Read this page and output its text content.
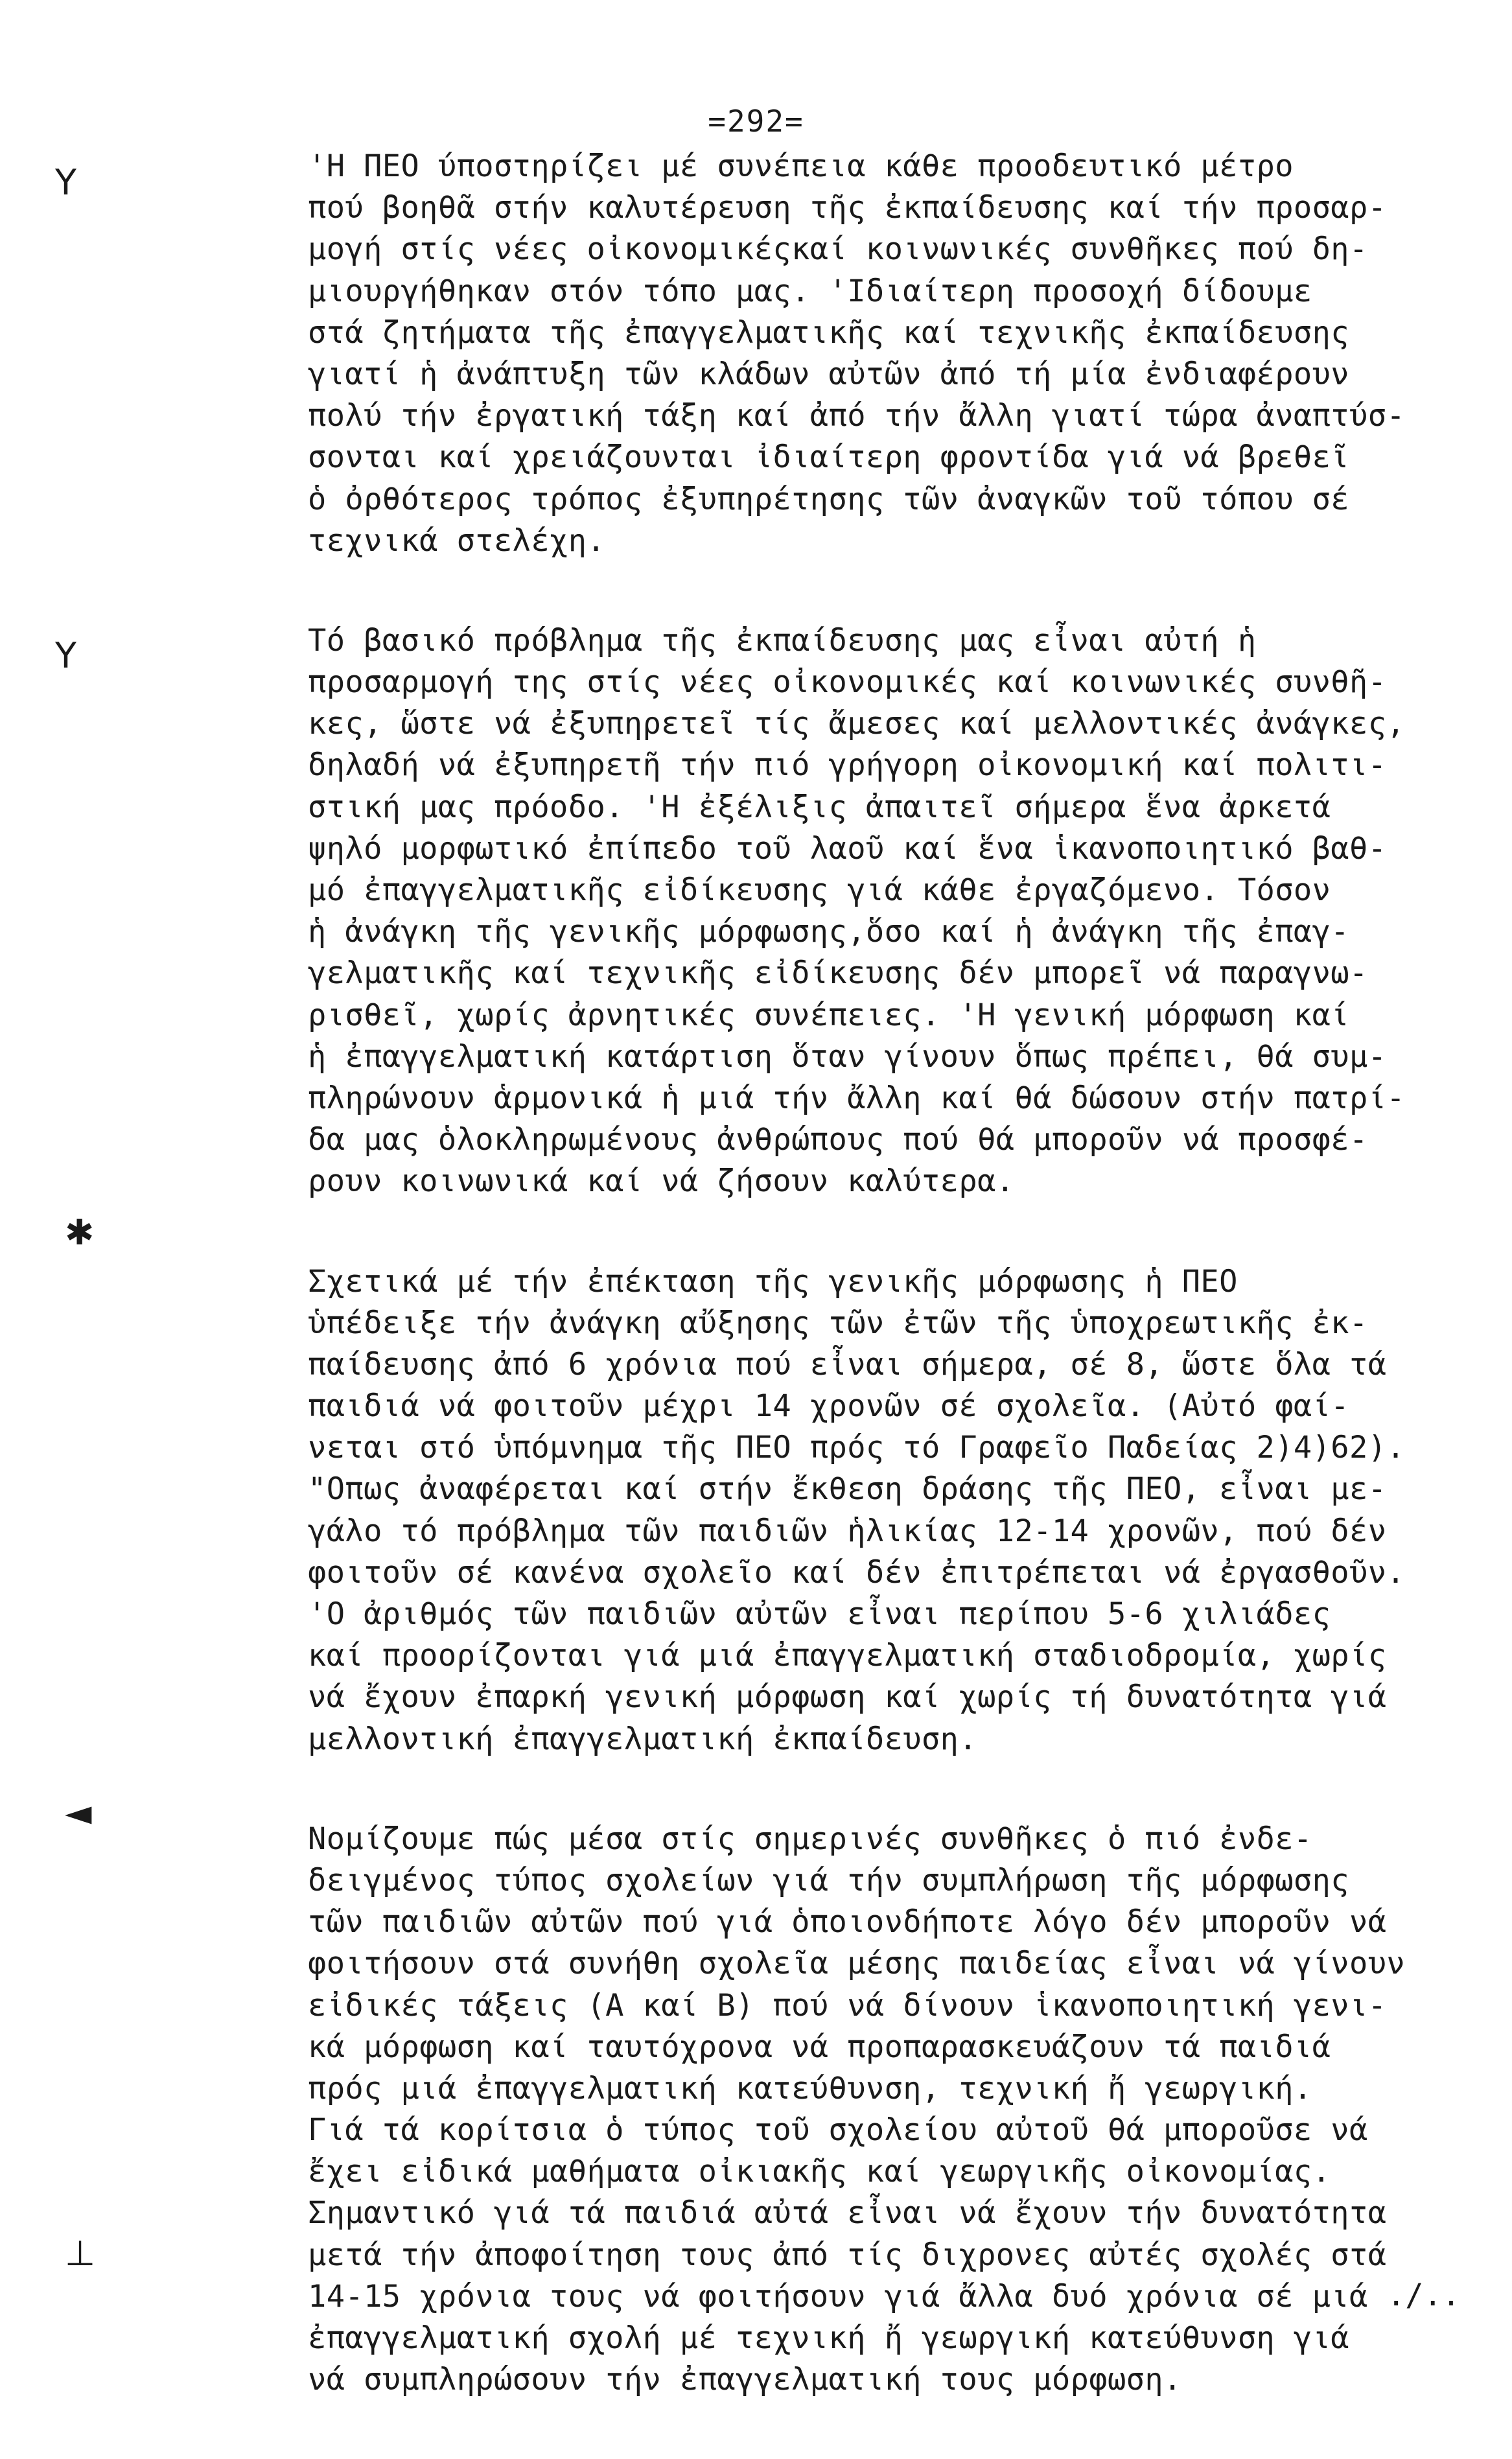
=292=
Y
Y
✱
◄
⊥
'Η ΠΕΟ ύποστηρίζει μέ συνέπεια κάθε προοδευτικό μέτρο
πού βοηθᾶ στήν καλυτέρευση τῆς ἐκπαίδευσης καί τήν προσαρ-
μογή στίς νέες οἰκονομικέςκαί κοινωνικές συνθῆκες πού δη-
μιουργήθηκαν στόν τόπο μας. 'Ιδιαίτερη προσοχή δίδουμε
στά ζητήματα τῆς ἐπαγγελματικῆς καί τεχνικῆς ἐκπαίδευσης
γιατί ἡ ἀνάπτυξη τῶν κλάδων αὐτῶν ἀπό τή μία ἐνδιαφέρουν
πολύ τήν ἐργατική τάξη καί ἀπό τήν ἄλλη γιατί τώρα ἀναπτύσ-
σονται καί χρειάζουνται ἰδιαίτερη φροντίδα γιά νά βρεθεῖ
ὁ ὀρθότερος τρόπος ἐξυπηρέτησης τῶν ἀναγκῶν τοῦ τόπου σέ
τεχνικά στελέχη.
Τό βασικό πρόβλημα τῆς ἐκπαίδευσης μας εἶναι αὐτή ἡ
προσαρμογή της στίς νέες οἰκονομικές καί κοινωνικές συνθῆ-
κες, ὥστε νά ἐξυπηρετεῖ τίς ἄμεσες καί μελλοντικές ἀνάγκες,
δηλαδή νά ἐξυπηρετῆ τήν πιό γρήγορη οἰκονομική καί πολιτι-
στική μας πρόοδο. 'Η ἐξέλιξις ἀπαιτεῖ σήμερα ἕνα ἀρκετά
ψηλό μορφωτικό ἐπίπεδο τοῦ λαοῦ καί ἕνα ἱκανοποιητικό βαθ-
μό ἐπαγγελματικῆς εἰδίκευσης γιά κάθε ἐργαζόμενο. Τόσον
ἡ ἀνάγκη τῆς γενικῆς μόρφωσης,ὅσο καί ἡ ἀνάγκη τῆς ἐπαγ-
γελματικῆς καί τεχνικῆς εἰδίκευσης δέν μπορεῖ νά παραγνω-
ρισθεῖ, χωρίς ἀρνητικές συνέπειες. 'Η γενική μόρφωση καί
ἡ ἐπαγγελματική κατάρτιση ὅταν γίνουν ὅπως πρέπει, θά συμ-
πληρώνουν ἁρμονικά ἡ μιά τήν ἄλλη καί θά δώσουν στήν πατρί-
δα μας ὁλοκληρωμένους ἀνθρώπους πού θά μποροῦν νά προσφέ-
ρουν κοινωνικά καί νά ζήσουν καλύτερα.
Σχετικά μέ τήν ἐπέκταση τῆς γενικῆς μόρφωσης ἡ ΠΕΟ
ὑπέδειξε τήν ἀνάγκη αὔξησης τῶν ἐτῶν τῆς ὑποχρεωτικῆς ἐκ-
παίδευσης ἀπό 6 χρόνια πού εἶναι σήμερα, σέ 8, ὥστε ὅλα τά
παιδιά νά φοιτοῦν μέχρι 14 χρονῶν σέ σχολεῖα. (Αὐτό φαί-
νεται στό ὑπόμνημα τῆς ΠΕΟ πρός τό Γραφεῖο Παδείας 2)4)62).
"Οπως ἀναφέρεται καί στήν ἔκθεση δράσης τῆς ΠΕΟ, εἶναι με-
γάλο τό πρόβλημα τῶν παιδιῶν ἡλικίας 12-14 χρονῶν, πού δέν
φοιτοῦν σέ κανένα σχολεῖο καί δέν ἐπιτρέπεται νά ἐργασθοῦν.
'Ο ἀριθμός τῶν παιδιῶν αὐτῶν εἶναι περίπου 5-6 χιλιάδες
καί προορίζονται γιά μιά ἐπαγγελματική σταδιοδρομία, χωρίς
νά ἔχουν ἐπαρκή γενική μόρφωση καί χωρίς τή δυνατότητα γιά
μελλοντική ἐπαγγελματική ἐκπαίδευση.
Νομίζουμε πώς μέσα στίς σημερινές συνθῆκες ὁ πιό ἐνδε-
δειγμένος τύπος σχολείων γιά τήν συμπλήρωση τῆς μόρφωσης
τῶν παιδιῶν αὐτῶν πού γιά ὁποιονδήποτε λόγο δέν μποροῦν νά
φοιτήσουν στά συνήθη σχολεῖα μέσης παιδείας εἶναι νά γίνουν
εἰδικές τάξεις (Α καί Β) πού νά δίνουν ἱκανοποιητική γενι-
κά μόρφωση καί ταυτόχρονα νά προπαρασκευάζουν τά παιδιά
πρός μιά ἐπαγγελματική κατεύθυνση, τεχνική ἤ γεωργική.
Γιά τά κορίτσια ὁ τύπος τοῦ σχολείου αὐτοῦ θά μποροῦσε νά
ἔχει εἰδικά μαθήματα οἰκιακῆς καί γεωργικῆς οἰκονομίας.
Σημαντικό γιά τά παιδιά αὐτά εἶναι νά ἔχουν τήν δυνατότητα
μετά τήν ἀποφοίτηση τους ἀπό τίς διχρονες αὐτές σχολές στά
14-15 χρόνια τους νά φοιτήσουν γιά ἄλλα δυό χρόνια σέ μιά
ἐπαγγελματική σχολή μέ τεχνική ἤ γεωργική κατεύθυνση γιά
νά συμπληρώσουν τήν ἐπαγγελματική τους μόρφωση.
./..
